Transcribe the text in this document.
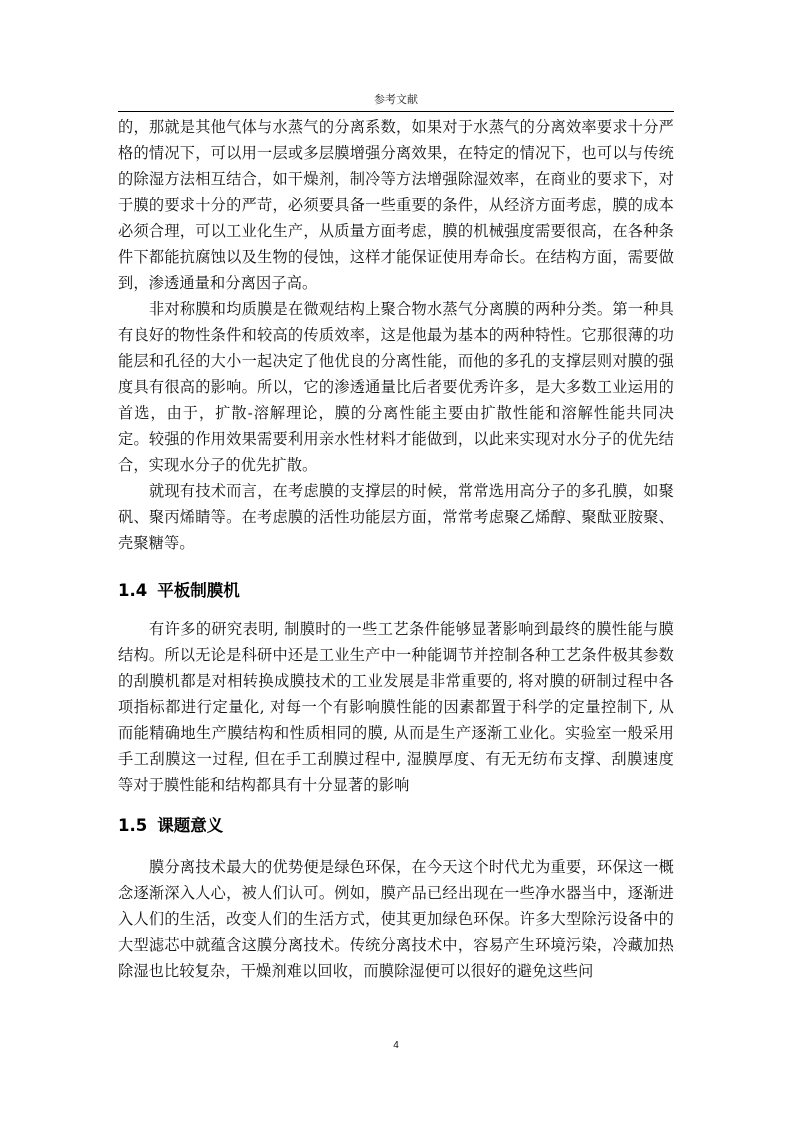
参考文献

的，那就是其他气体与水蒸气的分离系数，如果对于水蒸气的分离效率要求十分严格的情况下，可以用一层或多层膜增强分离效果，在特定的情况下，也可以与传统的除湿方法相互结合，如干燥剂，制冷等方法增强除湿效率，在商业的要求下，对于膜的要求十分的严苛，必须要具备一些重要的条件，从经济方面考虑，膜的成本必须合理，可以工业化生产，从质量方面考虑，膜的机械强度需要很高，在各种条件下都能抗腐蚀以及生物的侵蚀，这样才能保证使用寿命长。在结构方面，需要做到，渗透通量和分离因子高。

非对称膜和均质膜是在微观结构上聚合物水蒸气分离膜的两种分类。第一种具有良好的物性条件和较高的传质效率，这是他最为基本的两种特性。它那很薄的功能层和孔径的大小一起决定了他优良的分离性能，而他的多孔的支撑层则对膜的强度具有很高的影响。所以，它的渗透通量比后者要优秀许多，是大多数工业运用的首选，由于，扩散-溶解理论，膜的分离性能主要由扩散性能和溶解性能共同决定。较强的作用效果需要利用亲水性材料才能做到，以此来实现对水分子的优先结合，实现水分子的优先扩散。

就现有技术而言，在考虑膜的支撑层的时候，常常选用高分子的多孔膜，如聚矾、聚丙烯睛等。在考虑膜的活性功能层方面，常常考虑聚乙烯醇、聚酞亚胺聚、壳聚糖等。

1.4 平板制膜机

有许多的研究表明, 制膜时的一些工艺条件能够显著影响到最终的膜性能与膜结构。所以无论是科研中还是工业生产中一种能调节并控制各种工艺条件极其参数的刮膜机都是对相转换成膜技术的工业发展是非常重要的, 将对膜的研制过程中各项指标都进行定量化, 对每一个有影响膜性能的因素都置于科学的定量控制下, 从而能精确地生产膜结构和性质相同的膜, 从而是生产逐渐工业化。实验室一般采用手工刮膜这一过程, 但在手工刮膜过程中, 湿膜厚度、有无无纺布支撑、刮膜速度等对于膜性能和结构都具有十分显著的影响

1.5 课题意义

膜分离技术最大的优势便是绿色环保，在今天这个时代尤为重要，环保这一概念逐渐深入人心，被人们认可。例如，膜产品已经出现在一些净水器当中，逐渐进入人们的生活，改变人们的生活方式，使其更加绿色环保。许多大型除污设备中的大型滤芯中就蕴含这膜分离技术。传统分离技术中，容易产生环境污染，冷藏加热除湿也比较复杂，干燥剂难以回收，而膜除湿便可以很好的避免这些问

4
